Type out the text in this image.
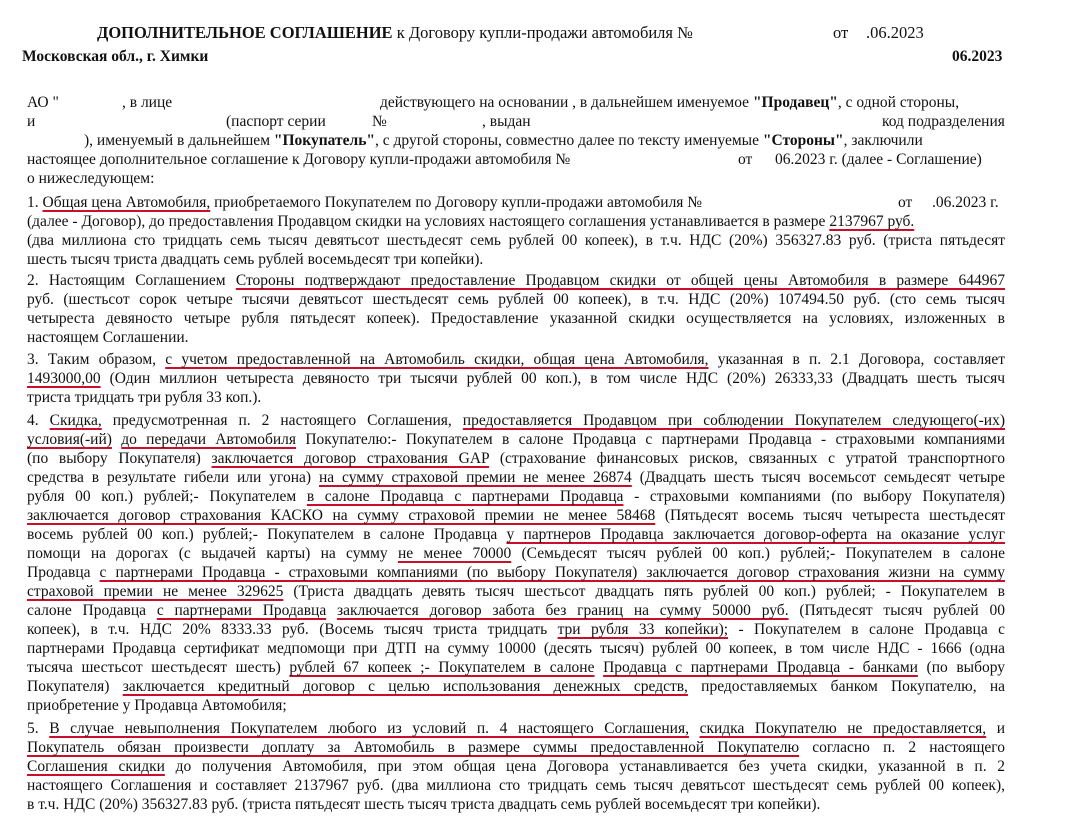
ДОПОЛНИТЕЛЬНОЕ СОГЛАШЕНИЕ к Договору купли-продажи автомобиля №	от .06.2023
Московская обл., г. Химки	06.2023
АО "	, в лице	действующего на основании , в дальнейшем именуемое "Продавец", с одной стороны,
и	(паспорт серии	№	, выдан	код подразделения
), именуемый в дальнейшем "Покупатель", с другой стороны, совместно далее по тексту именуемые "Стороны", заключили
настоящее дополнительное соглашение к Договору купли-продажи автомобиля №	от 06.2023 г. (далее - Соглашение)
о нижеследующем:
1. Общая цена Автомобиля, приобретаемого Покупателем по Договору купли-продажи автомобиля №	от .06.2023 г.
(далее - Договор), до предоставления Продавцом скидки на условиях настоящего соглашения устанавливается в размере 2137967 руб.
(два миллиона сто тридцать семь тысяч девятьсот шестьдесят семь рублей 00 копеек), в т.ч. НДС (20%) 356327.83 руб. (триста пятьдесят
шесть тысяч триста двадцать семь рублей восемьдесят три копейки).
2. Настоящим Соглашением Стороны подтверждают предоставление Продавцом скидки от общей цены Автомобиля в размере 644967
руб. (шестьсот сорок четыре тысячи девятьсот шестьдесят семь рублей 00 копеек), в т.ч. НДС (20%) 107494.50 руб. (сто семь тысяч
четыреста девяносто четыре рубля пятьдесят копеек). Предоставление указанной скидки осуществляется на условиях, изложенных в
настоящем Соглашении.
3. Таким образом, с учетом предоставленной на Автомобиль скидки, общая цена Автомобиля, указанная в п. 2.1 Договора, составляет
1493000,00 (Один миллион четыреста девяносто три тысячи рублей 00 коп.), в том числе НДС (20%) 26333,33 (Двадцать шесть тысяч
триста тридцать три рубля 33 коп.).
4. Скидка, предусмотренная п. 2 настоящего Соглашения, предоставляется Продавцом при соблюдении Покупателем следующего(-их)
условия(-ий) до передачи Автомобиля Покупателю:- Покупателем в салоне Продавца с партнерами Продавца - страховыми компаниями
(по выбору Покупателя) заключается договор страхования GAP (страхование финансовых рисков, связанных с утратой транспортного
средства в результате гибели или угона) на сумму страховой премии не менее 26874 (Двадцать шесть тысяч восемьсот семьдесят четыре
рубля 00 коп.) рублей;- Покупателем в салоне Продавца с партнерами Продавца - страховыми компаниями (по выбору Покупателя)
заключается договор страхования КАСКО на сумму страховой премии не менее 58468 (Пятьдесят восемь тысяч четыреста шестьдесят
восемь рублей 00 коп.) рублей;- Покупателем в салоне Продавца у партнеров Продавца заключается договор-оферта на оказание услуг
помощи на дорогах (с выдачей карты) на сумму не менее 70000 (Семьдесят тысяч рублей 00 коп.) рублей;- Покупателем в салоне
Продавца с партнерами Продавца - страховыми компаниями (по выбору Покупателя) заключается договор страхования жизни на сумму
страховой премии не менее 329625 (Триста двадцать девять тысяч шестьсот двадцать пять рублей 00 коп.) рублей; - Покупателем в
салоне Продавца с партнерами Продавца заключается договор забота без границ на сумму 50000 руб. (Пятьдесят тысяч рублей 00
копеек), в т.ч. НДС 20% 8333.33 руб. (Восемь тысяч триста тридцать три рубля 33 копейки); - Покупателем в салоне Продавца с
партнерами Продавца сертификат медпомощи при ДТП на сумму 10000 (десять тысяч) рублей 00 копеек, в том числе НДС - 1666 (одна
тысяча шестьсот шестьдесят шесть) рублей 67 копеек ;- Покупателем в салоне Продавца с партнерами Продавца - банками (по выбору
Покупателя) заключается кредитный договор с целью использования денежных средств, предоставляемых банком Покупателю, на
приобретение у Продавца Автомобиля;
5. В случае невыполнения Покупателем любого из условий п. 4 настоящего Соглашения, скидка Покупателю не предоставляется, и
Покупатель обязан произвести доплату за Автомобиль в размере суммы предоставленной Покупателю согласно п. 2 настоящего
Соглашения скидки до получения Автомобиля, при этом общая цена Договора устанавливается без учета скидки, указанной в п. 2
настоящего Соглашения и составляет 2137967 руб. (два миллиона сто тридцать семь тысяч девятьсот шестьдесят семь рублей 00 копеек),
в т.ч. НДС (20%) 356327.83 руб. (триста пятьдесят шесть тысяч триста двадцать семь рублей восемьдесят три копейки).
